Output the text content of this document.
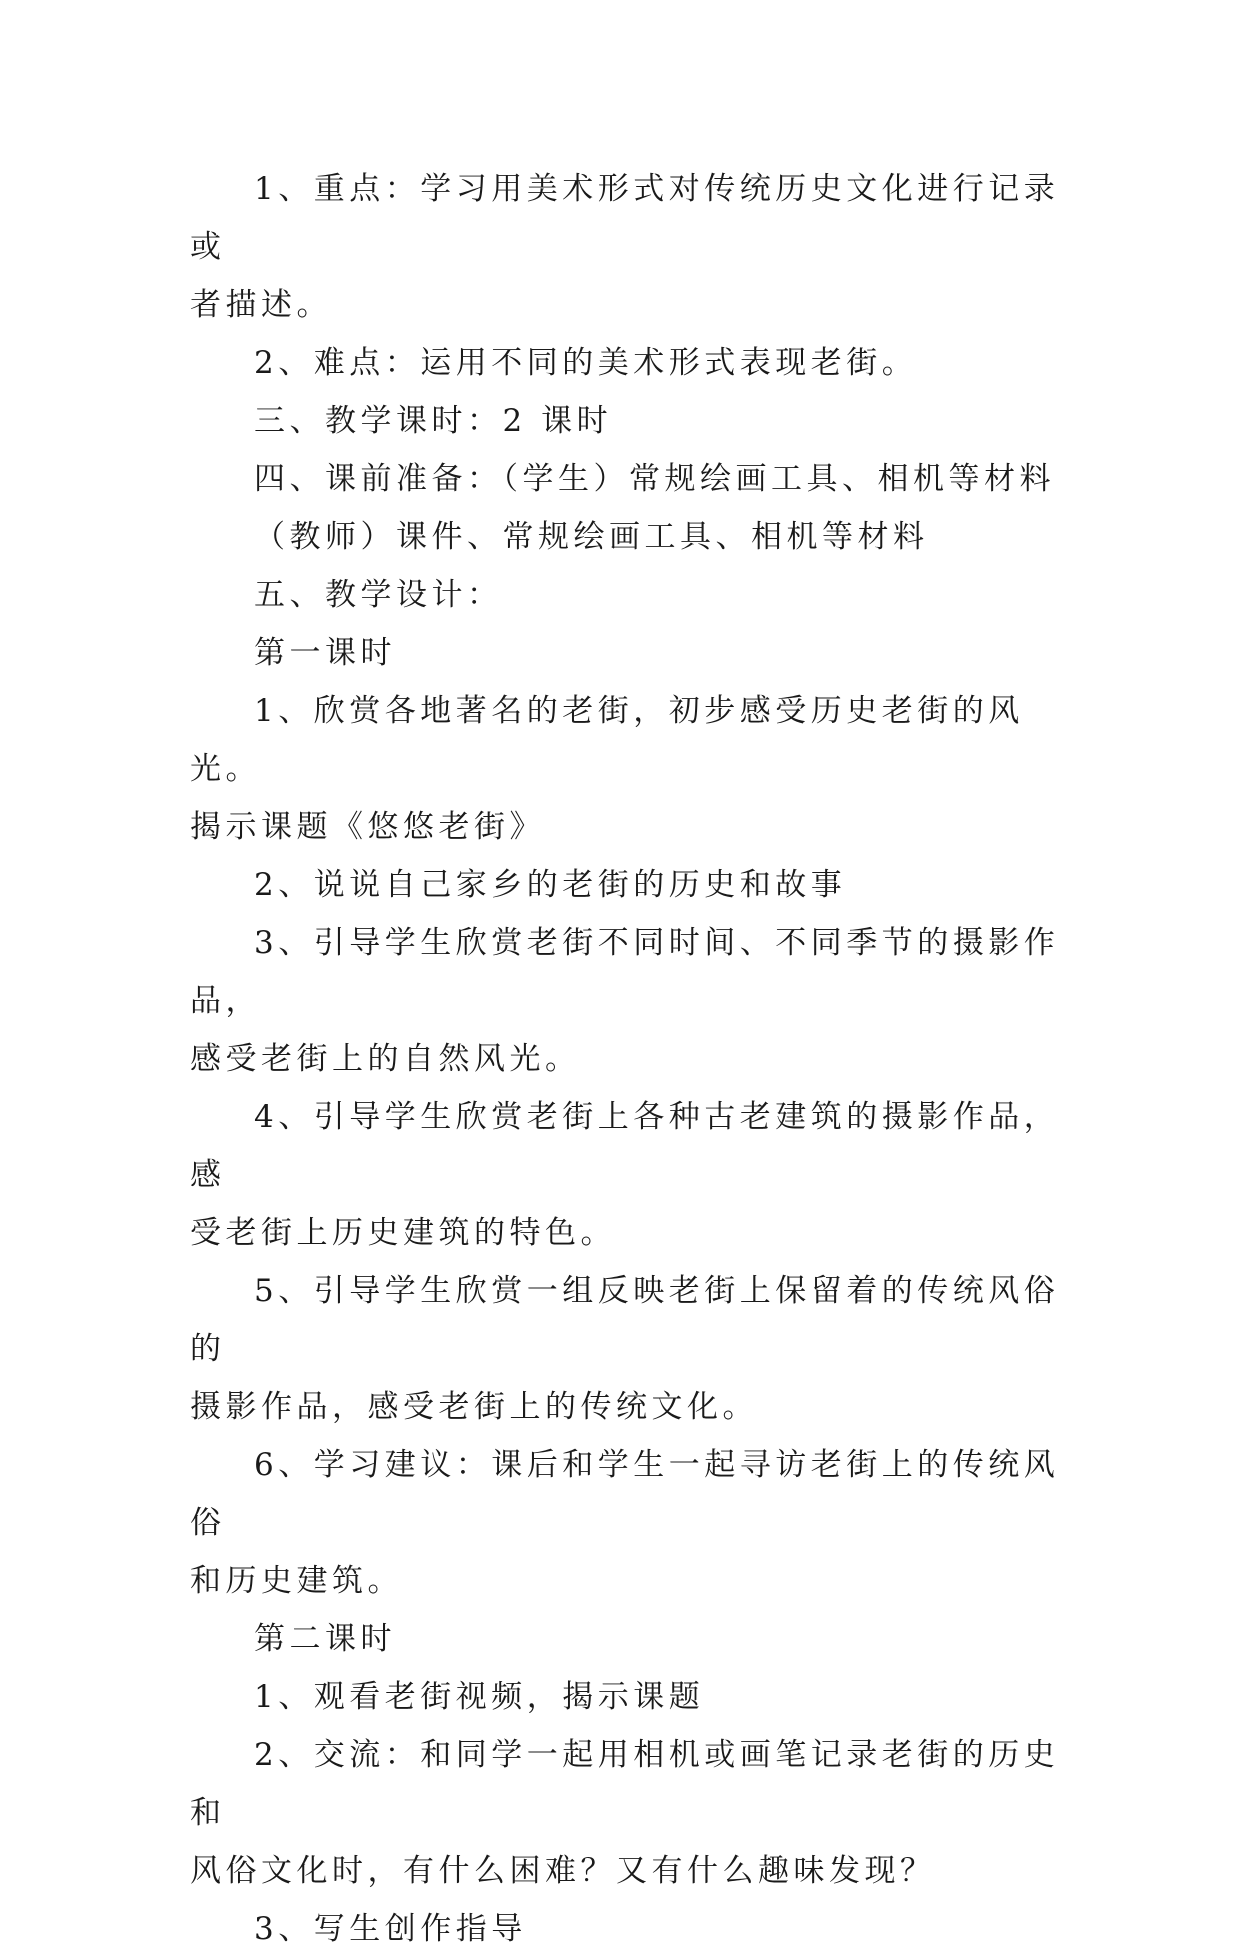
1、重点：学习用美术形式对传统历史文化进行记录或
者描述。

2、难点：运用不同的美术形式表现老街。

三、教学课时：2 课时

四、课前准备：（学生）常规绘画工具、相机等材料

（教师）课件、常规绘画工具、相机等材料

五、教学设计：

第一课时

1、欣赏各地著名的老街，初步感受历史老街的风光。
揭示课题《悠悠老街》

2、说说自己家乡的老街的历史和故事

3、引导学生欣赏老街不同时间、不同季节的摄影作品，
感受老街上的自然风光。

4、引导学生欣赏老街上各种古老建筑的摄影作品，感
受老街上历史建筑的特色。

5、引导学生欣赏一组反映老街上保留着的传统风俗的
摄影作品，感受老街上的传统文化。

6、学习建议：课后和学生一起寻访老街上的传统风俗
和历史建筑。

第二课时

1、观看老街视频，揭示课题

2、交流：和同学一起用相机或画笔记录老街的历史和
风俗文化时，有什么困难？又有什么趣味发现？

3、写生创作指导
